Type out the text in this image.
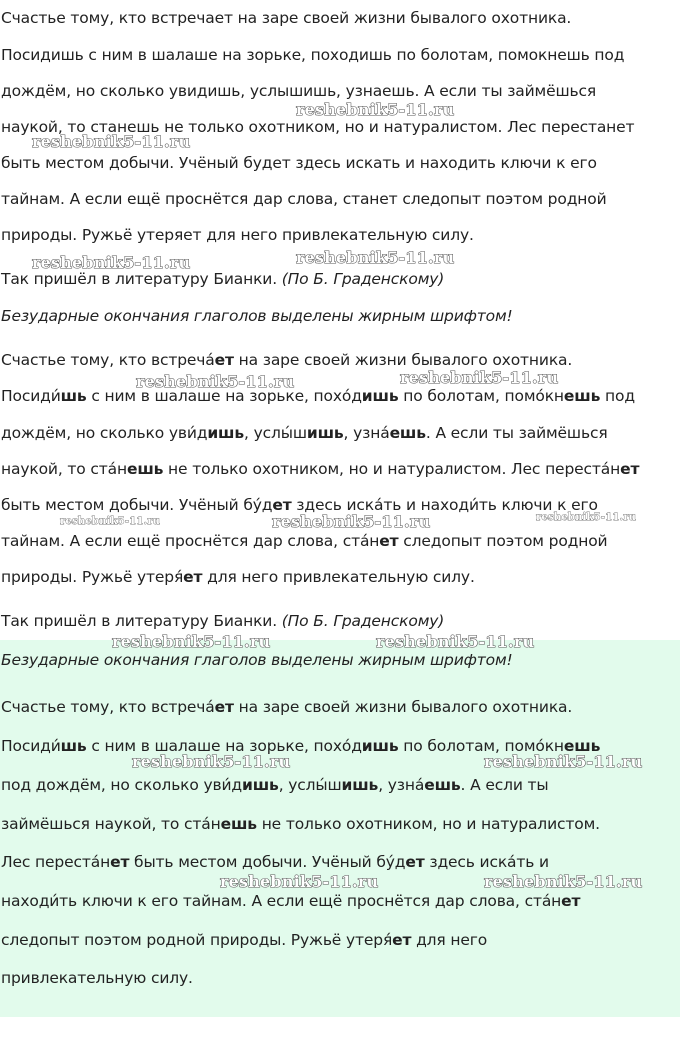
Счастье тому, кто встречает на заре своей жизни бывалого охотника.

Посидишь с ним в шалаше на зорьке, походишь по болотам, помокнешь под

дождём, но сколько увидишь, услышишь, узнаешь. А если ты займёшься

наукой, то станешь не только охотником, но и натуралистом. Лес перестанет

быть местом добычи. Учёный будет здесь искать и находить ключи к его

тайнам. А если ещё проснётся дар слова, станет следопыт поэтом родной

природы. Ружьё утеряет для него привлекательную силу.

Так пришёл в литературу Бианки. (По Б. Граденскому)

Безударные окончания глаголов выделены жирным шрифтом!

Счастье тому, кто встреча́ет на заре своей жизни бывалого охотника.

Посиди́шь с ним в шалаше на зорьке, похо́дишь по болотам, помо́кнешь под

дождём, но сколько уви́дишь, услы́шишь, узна́ешь. А если ты займёшься

наукой, то ста́нешь не только охотником, но и натуралистом. Лес переста́нет

быть местом добычи. Учёный бу́дет здесь иска́ть и находи́ть ключи к его

тайнам. А если ещё проснётся дар слова, ста́нет следопыт поэтом родной

природы. Ружьё утеря́ет для него привлекательную силу.

Так пришёл в литературу Бианки. (По Б. Граденскому)

Безударные окончания глаголов выделены жирным шрифтом!

Счастье тому, кто встреча́ет на заре своей жизни бывалого охотника.

Посиди́шь с ним в шалаше на зорьке, похо́дишь по болотам, помо́кнешь

под дождём, но сколько уви́дишь, услы́шишь, узна́ешь. А если ты

займёшься наукой, то ста́нешь не только охотником, но и натуралистом.

Лес переста́нет быть местом добычи. Учёный бу́дет здесь иска́ть и

находи́ть ключи к его тайнам. А если ещё проснётся дар слова, ста́нет

следопыт поэтом родной природы. Ружьё утеря́ет для него

привлекательную силу.

reshebnik5-11.ru
reshebnik5-11.ru
reshebnik5-11.ru	reshebnik5-11.ru
reshebnik5-11.ru	reshebnik5-11.ru
reshebnik5-11.ru	reshebnik5-11.ru	reshebnik5-11.ru
reshebnik5-11.ru	reshebnik5-11.ru
reshebnik5-11.ru	reshebnik5-11.ru
reshebnik5-11.ru	reshebnik5-11.ru
